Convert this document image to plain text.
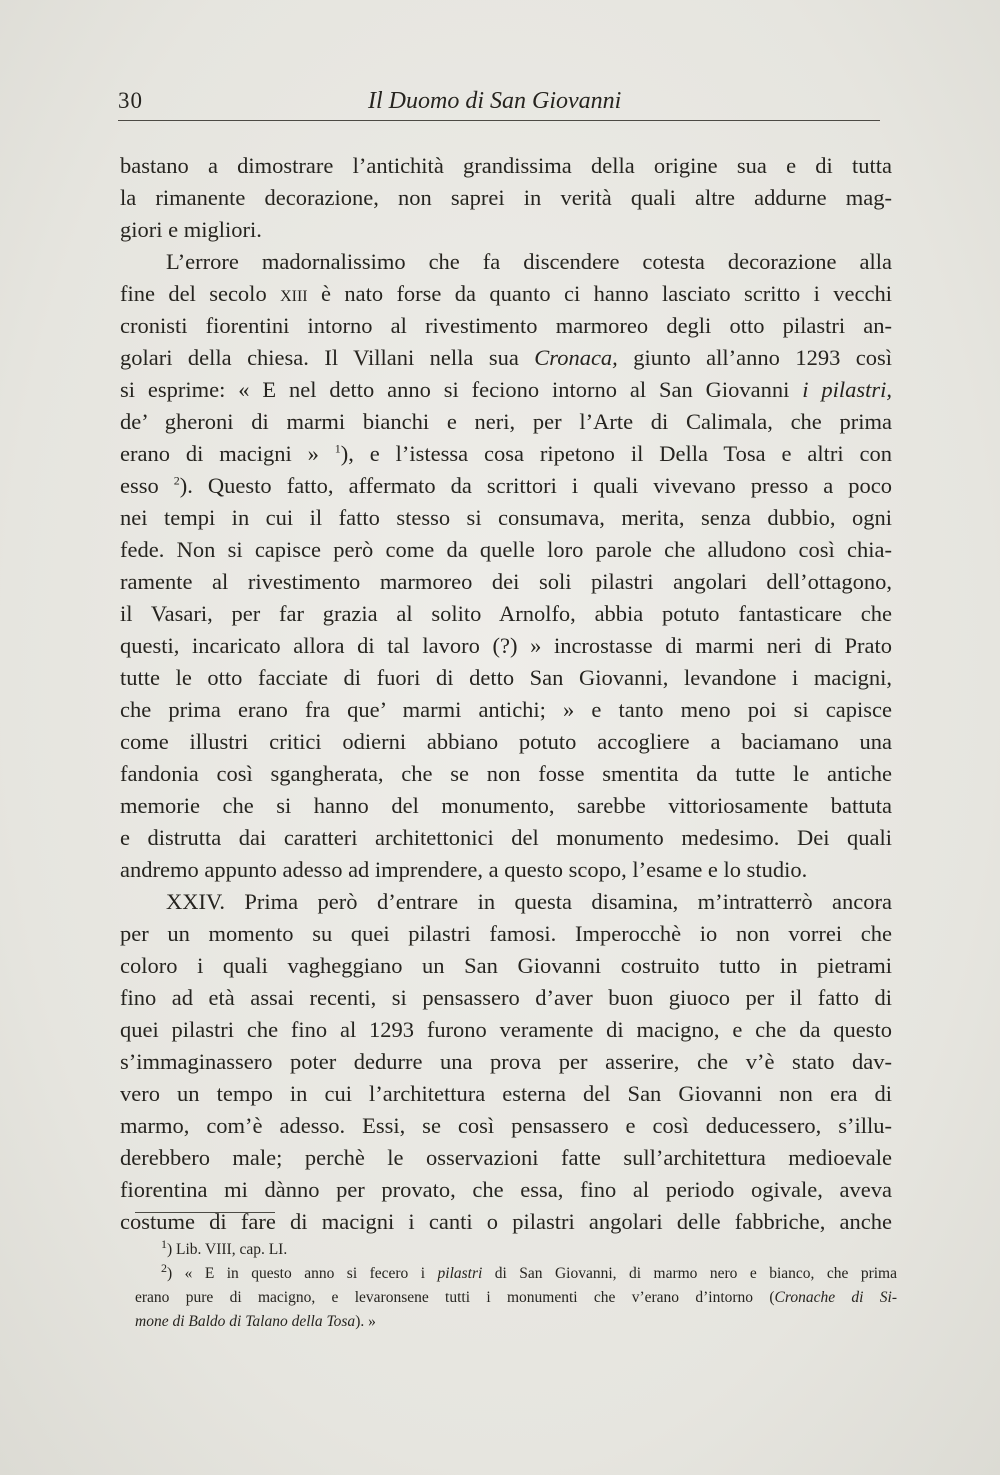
30	Il Duomo di San Giovanni
bastano a dimostrare l’antichità grandissima della origine sua e di tutta
la rimanente decorazione, non saprei in verità quali altre addurne mag-
giori e migliori.
L’errore madornalissimo che fa discendere cotesta decorazione alla
fine del secolo xiii è nato forse da quanto ci hanno lasciato scritto i vecchi
cronisti fiorentini intorno al rivestimento marmoreo degli otto pilastri an-
golari della chiesa. Il Villani nella sua Cronaca, giunto all’anno 1293 così
si esprime: « E nel detto anno si feciono intorno al San Giovanni i pilastri,
de’ gheroni di marmi bianchi e neri, per l’Arte di Calimala, che prima
erano di macigni » $^1$), e l’istessa cosa ripetono il Della Tosa e altri con
esso $^2$). Questo fatto, affermato da scrittori i quali vivevano presso a poco
nei tempi in cui il fatto stesso si consumava, merita, senza dubbio, ogni
fede. Non si capisce però come da quelle loro parole che alludono così chia-
ramente al rivestimento marmoreo dei soli pilastri angolari dell’ottagono,
il Vasari, per far grazia al solito Arnolfo, abbia potuto fantasticare che
questi, incaricato allora di tal lavoro (?) » incrostasse di marmi neri di Prato
tutte le otto facciate di fuori di detto San Giovanni, levandone i macigni,
che prima erano fra que’ marmi antichi; » e tanto meno poi si capisce
come illustri critici odierni abbiano potuto accogliere a baciamano una
fandonia così sgangherata, che se non fosse smentita da tutte le antiche
memorie che si hanno del monumento, sarebbe vittoriosamente battuta
e distrutta dai caratteri architettonici del monumento medesimo. Dei quali
andremo appunto adesso ad imprendere, a questo scopo, l’esame e lo studio.
XXIV. Prima però d’entrare in questa disamina, m’intratterrò ancora
per un momento su quei pilastri famosi. Imperocchè io non vorrei che
coloro i quali vagheggiano un San Giovanni costruito tutto in pietrami
fino ad età assai recenti, si pensassero d’aver buon giuoco per il fatto di
quei pilastri che fino al 1293 furono veramente di macigno, e che da questo
s’immaginassero poter dedurre una prova per asserire, che v’è stato dav-
vero un tempo in cui l’architettura esterna del San Giovanni non era di
marmo, com’è adesso. Essi, se così pensassero e così deducessero, s’illu-
derebbero male; perchè le osservazioni fatte sull’architettura medioevale
fiorentina mi dànno per provato, che essa, fino al periodo ogivale, aveva
costume di fare di macigni i canti o pilastri angolari delle fabbriche, anche
$^1$) Lib. VIII, cap. LI.
$^2$) « E in questo anno si fecero i pilastri di San Giovanni, di marmo nero e bianco, che prima
erano pure di macigno, e levaronsene tutti i monumenti che v’erano d’intorno (Cronache di Si-
mone di Baldo di Talano della Tosa). »
